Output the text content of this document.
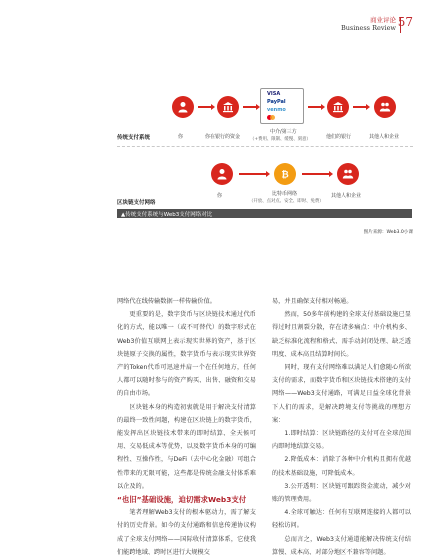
商业评论
Business Review 57
VISA
PayPal
venmo
传统支付系统	你	你在银行的资金
中介/第三方
（+费用、限制、缓慢、刻意）	他们的银行	其他人和企业
₿
你	比特币网络
（开放、点对点、安全、即时、免费）
区块链支付网络
其他人和企业
▲传统支付系统与Web3支付网络对比
图片来源：Web3.0小课

网络代在线传输数据一样传输价值。

更重要的是，数字货币与区块链技术通过代币化的方式，能以唯一（或不可替代）的数字形式在Web3价值互联网上表示现实世界的资产，基于区块链原子交换的属性，数字货币与表示现实世界资产的Token代币可迅速并肩一个在任何地方，任何人都可以随时参与的资产购买、出售、融资和交易的自由市场。

区块链本身的构造初衷就是用于解决支付清算的最终一致性问题，构建在区块链上的数字货币，能发挥出区块链技术带来的即时结算、全天候可用、交易低成本等优势，以及数字货币本身的可编程性、互操作性，与DeFi（去中心化金融）可组合性带来的无限可能，这些都是传统金融支付体系难以企及的。

“也旧”基础设施，迫切需求Web3支付

笔者理解Web3支付的根本驱动力，需了解支付的历史背景。如今的支付通路和信息传递协议构成了全球支付网络——国际收付清算体系，它使我们能跨地域、跨时区进行大规模交

易，并且确保支付相对畅通。

然而，50多年前构建的全球支付基础设施已显得过时且割裂分散，存在诸多痛点：中介机构多、缺乏标准化流程和格式、需手动封闭处理、缺乏透明度、成本高且结算时间长。

同时，现有支付网络难以满足人们愈随心所欲支付的需求，而数字货币和区块链技术搭建的支付网络——Web3支付通路，可满足日益全球化背景下人们的需求，是解决跨境支付等挑战的理想方案：

1.即时结算：区块链路径的支付可在全球范围内即时地结算交易。

2.降低成本：消除了各种中介机构且拥有优越的技术基础设施，可降低成本。

3.公开透明：区块链可跟踪资金流动，减少对账的管理费用。

4.全球可触达：任何有互联网连接的人都可以轻松访问。

总而言之，Web3支付通道能解决传统支付结算慢、成本高、对部分地区不兼容等问题。
